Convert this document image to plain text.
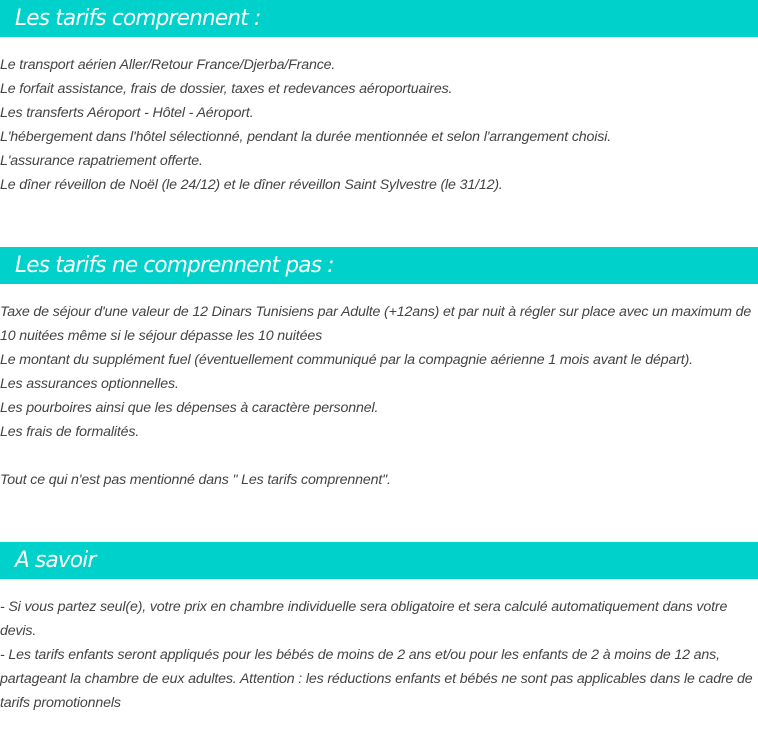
Les tarifs comprennent :

Le transport aérien Aller/Retour France/Djerba/France.

Le forfait assistance, frais de dossier, taxes et redevances aéroportuaires.

Les transferts Aéroport - Hôtel - Aéroport.

L'hébergement dans l'hôtel sélectionné, pendant la durée mentionnée et selon l'arrangement choisi.

L'assurance rapatriement offerte.

Le dîner réveillon de Noël (le 24/12) et le dîner réveillon Saint Sylvestre (le 31/12).

Les tarifs ne comprennent pas :

Taxe de séjour d'une valeur de 12 Dinars Tunisiens par Adulte (+12ans) et par nuit à régler sur place avec un maximum de 10 nuitées même si le séjour dépasse les 10 nuitées

Le montant du supplément fuel (éventuellement communiqué par la compagnie aérienne 1 mois avant le départ).

Les assurances optionnelles.

Les pourboires ainsi que les dépenses à caractère personnel.

Les frais de formalités.

Tout ce qui n'est pas mentionné dans " Les tarifs comprennent".

A savoir

- Si vous partez seul(e), votre prix en chambre individuelle sera obligatoire et sera calculé automatiquement dans votre devis.

- Les tarifs enfants seront appliqués pour les bébés de moins de 2 ans et/ou pour les enfants de 2 à moins de 12 ans, partageant la chambre de eux adultes. Attention : les réductions enfants et bébés ne sont pas applicables dans le cadre de tarifs promotionnels
